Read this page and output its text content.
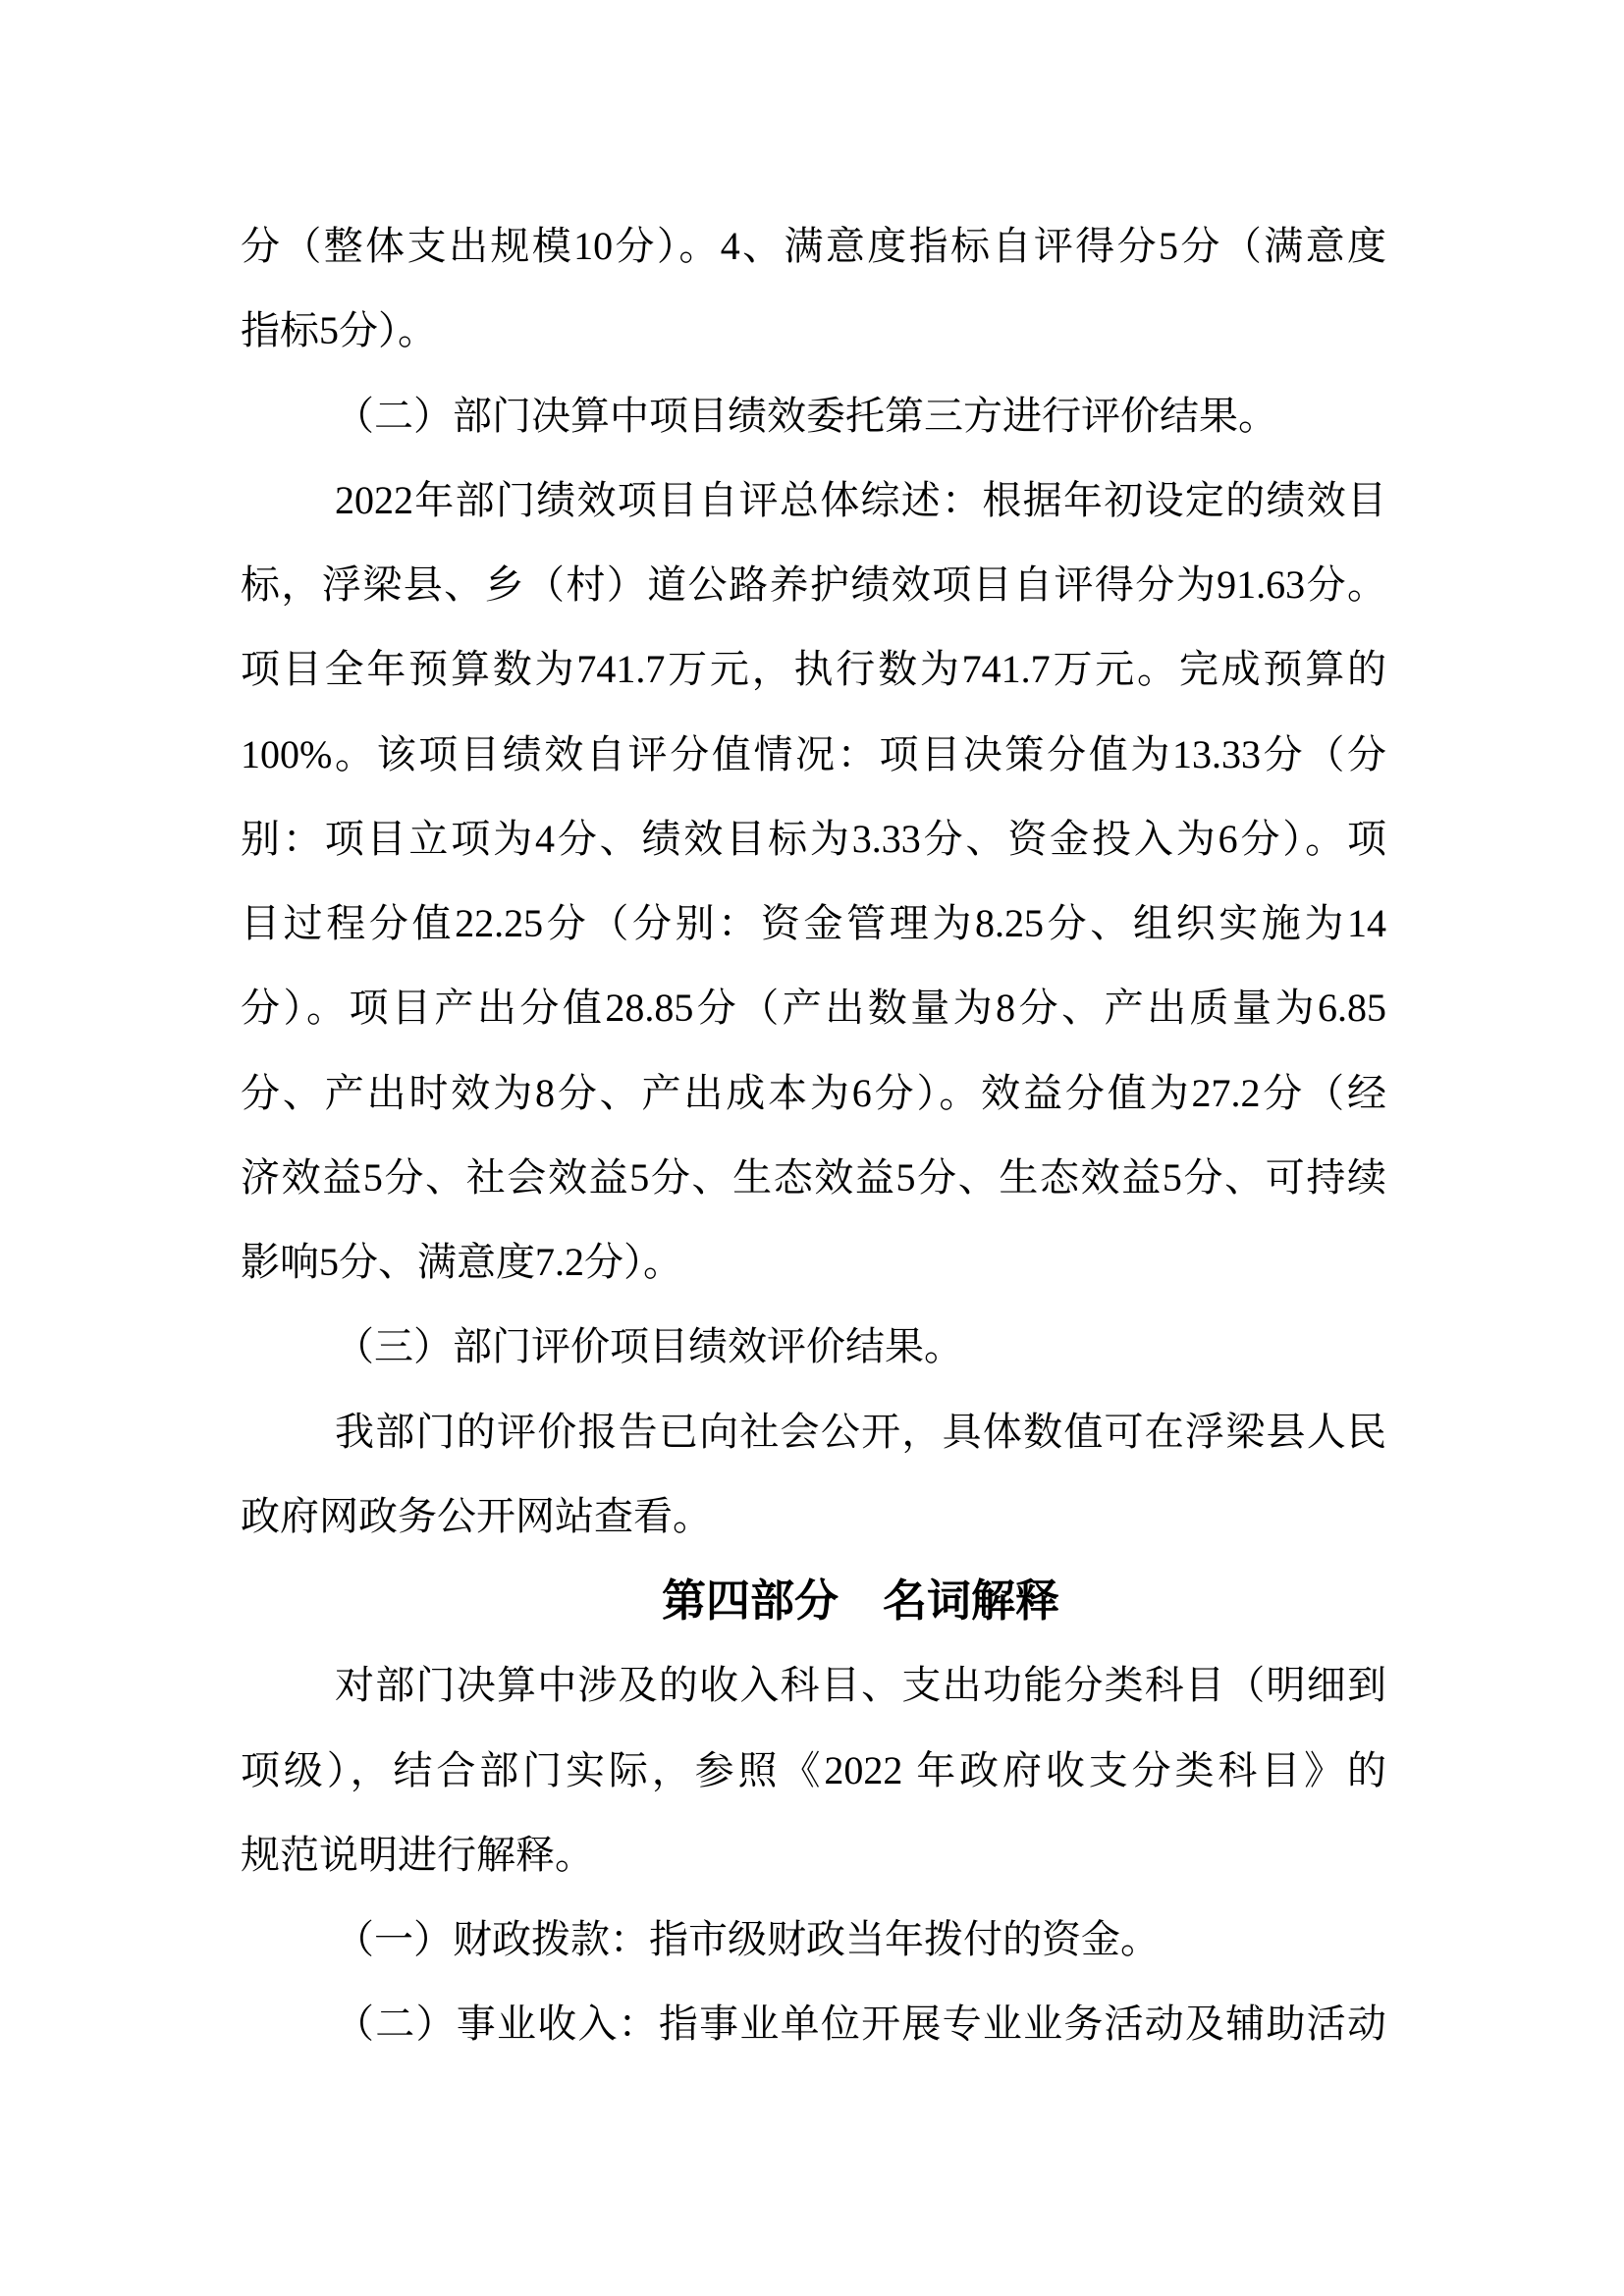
分（整体支出规模10分）。4、满意度指标自评得分5分（满意度
指标5分）。
（二）部门决算中项目绩效委托第三方进行评价结果。
2022年部门绩效项目自评总体综述：根据年初设定的绩效目
标，浮梁县、乡（村）道公路养护绩效项目自评得分为91.63分。
项目全年预算数为741.7万元，执行数为741.7万元。完成预算的
100%。该项目绩效自评分值情况：项目决策分值为13.33分（分
别：项目立项为4分、绩效目标为3.33分、资金投入为6分）。项
目过程分值22.25分（分别：资金管理为8.25分、组织实施为14
分）。项目产出分值28.85分（产出数量为8分、产出质量为6.85
分、产出时效为8分、产出成本为6分）。效益分值为27.2分（经
济效益5分、社会效益5分、生态效益5分、生态效益5分、可持续
影响5分、满意度7.2分）。
（三）部门评价项目绩效评价结果。
我部门的评价报告已向社会公开，具体数值可在浮梁县人民
政府网政务公开网站查看。
第四部分　名词解释
对部门决算中涉及的收入科目、支出功能分类科目（明细到
项级），结合部门实际，参照《2022 年政府收支分类科目》的
规范说明进行解释。
（一）财政拨款：指市级财政当年拨付的资金。
（二）事业收入：指事业单位开展专业业务活动及辅助活动
